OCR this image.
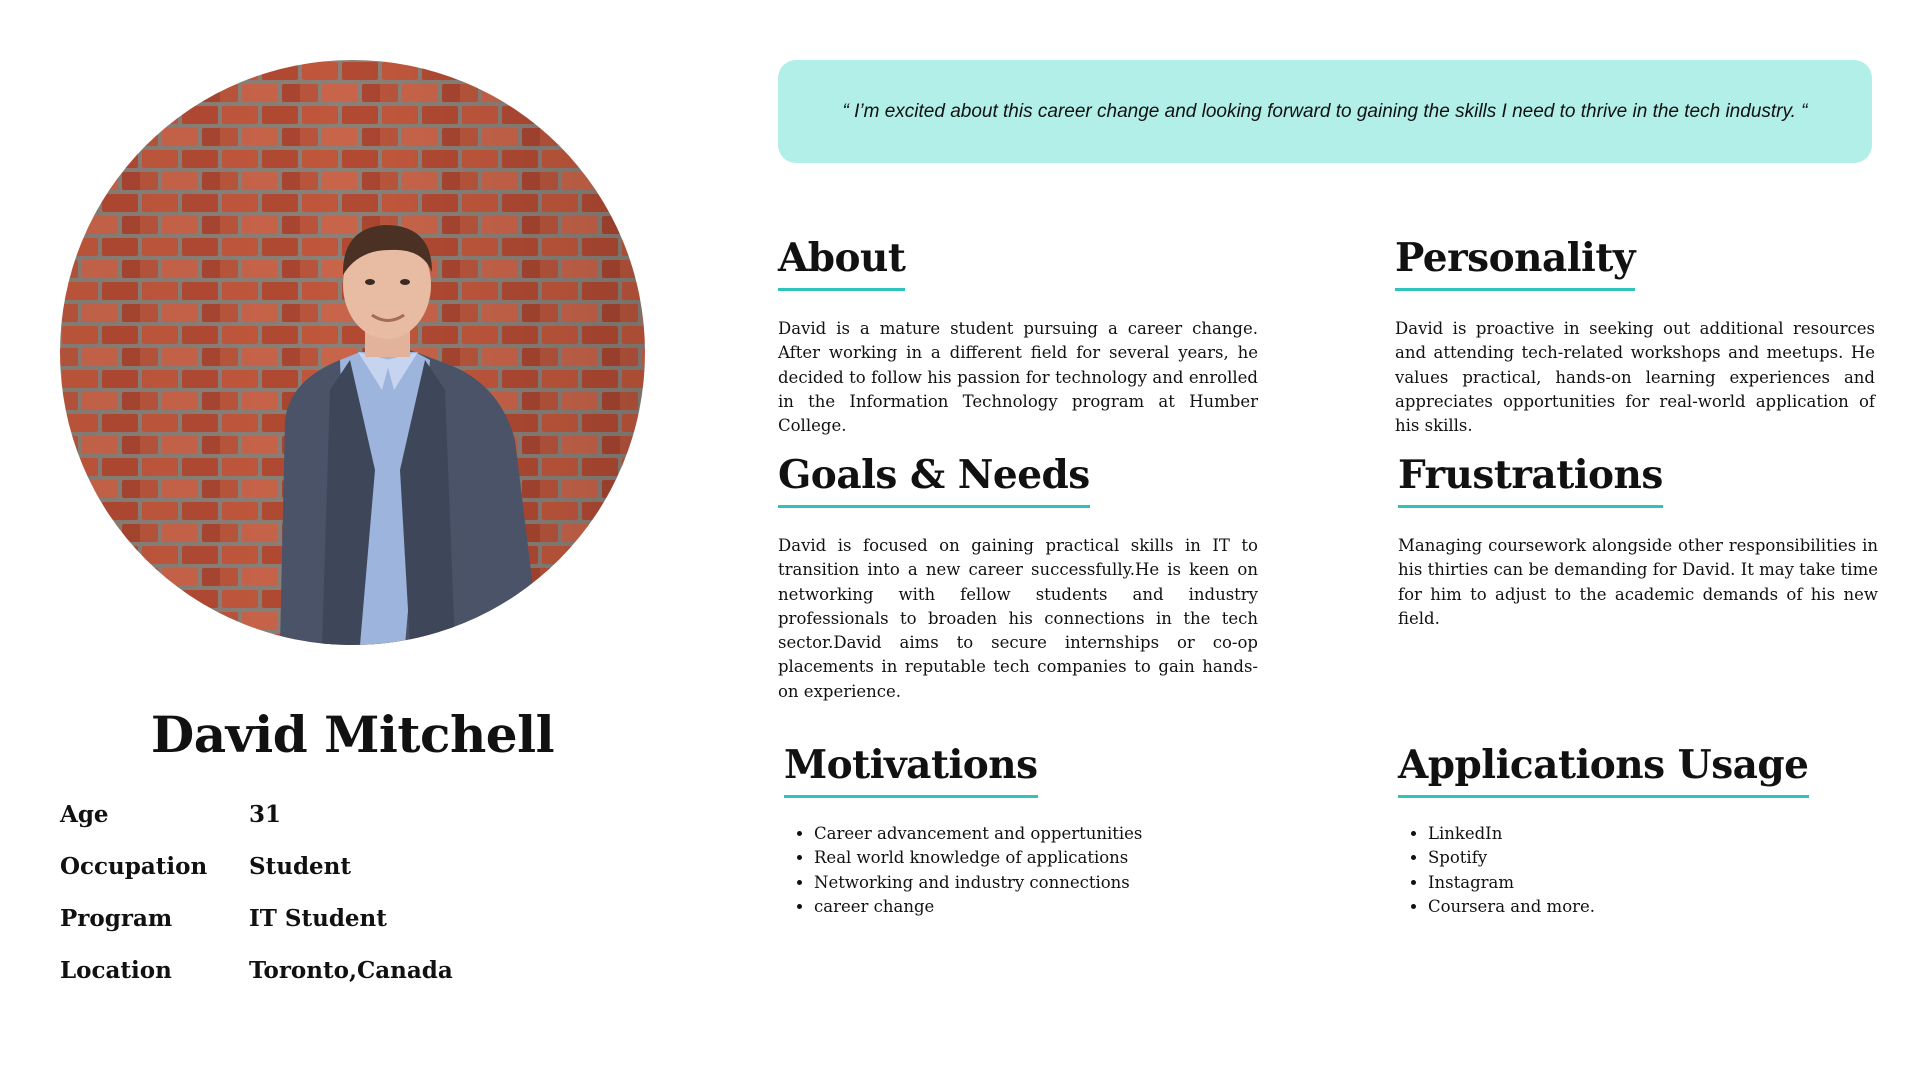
David Mitchell
Age	31
Occupation	Student
Program	IT Student
Location	Toronto,Canada
“ I’m excited about this career change and looking forward to gaining the skills I need to thrive in the tech industry. “
About

David is a mature student pursuing a career change. After working in a different field for several years, he decided to follow his passion for technology and enrolled in the Information Technology program at Humber College.

Personality

David is proactive in seeking out additional resources and attending tech-related workshops and meetups. He values practical, hands-on learning experiences and appreciates opportunities for real-world application of his skills.

Goals & Needs

David is focused on gaining practical skills in IT to transition into a new career successfully.He is keen on networking with fellow students and industry professionals to broaden his connections in the tech sector.David aims to secure internships or co-op placements in reputable tech companies to gain hands-on experience.

Frustrations

Managing coursework alongside other responsibilities in his thirties can be demanding for David. It may take time for him to adjust to the academic demands of his new field.

Motivations
• Career advancement and oppertunities
• Real world knowledge of applications
• Networking and industry connections
• career change
Applications Usage
• LinkedIn
• Spotify
• Instagram
• Coursera and more.
